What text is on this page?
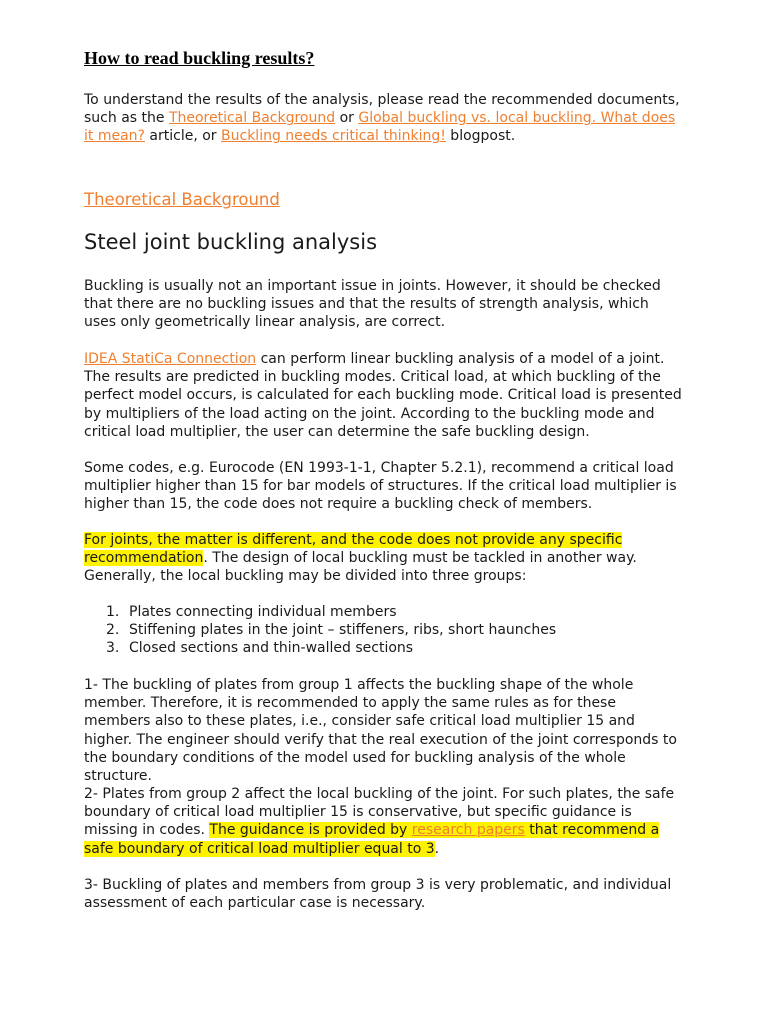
How to read buckling results?

To understand the results of the analysis, please read the recommended documents, such as the Theoretical Background or Global buckling vs. local buckling. What does it mean? article, or Buckling needs critical thinking! blogpost.

Theoretical Background

Steel joint buckling analysis

Buckling is usually not an important issue in joints. However, it should be checked that there are no buckling issues and that the results of strength analysis, which uses only geometrically linear analysis, are correct.

IDEA StatiCa Connection can perform linear buckling analysis of a model of a joint. The results are predicted in buckling modes. Critical load, at which buckling of the perfect model occurs, is calculated for each buckling mode. Critical load is presented by multipliers of the load acting on the joint. According to the buckling mode and critical load multiplier, the user can determine the safe buckling design.

Some codes, e.g. Eurocode (EN 1993-1-1, Chapter 5.2.1), recommend a critical load multiplier higher than 15 for bar models of structures. If the critical load multiplier is higher than 15, the code does not require a buckling check of members.

For joints, the matter is different, and the code does not provide any specific recommendation. The design of local buckling must be tackled in another way. Generally, the local buckling may be divided into three groups:

1. Plates connecting individual members
2. Stiffening plates in the joint – stiffeners, ribs, short haunches
3. Closed sections and thin-walled sections

1- The buckling of plates from group 1 affects the buckling shape of the whole member. Therefore, it is recommended to apply the same rules as for these members also to these plates, i.e., consider safe critical load multiplier 15 and higher. The engineer should verify that the real execution of the joint corresponds to the boundary conditions of the model used for buckling analysis of the whole structure.

2- Plates from group 2 affect the local buckling of the joint. For such plates, the safe boundary of critical load multiplier 15 is conservative, but specific guidance is missing in codes. The guidance is provided by research papers that recommend a safe boundary of critical load multiplier equal to 3.

3- Buckling of plates and members from group 3 is very problematic, and individual assessment of each particular case is necessary.
